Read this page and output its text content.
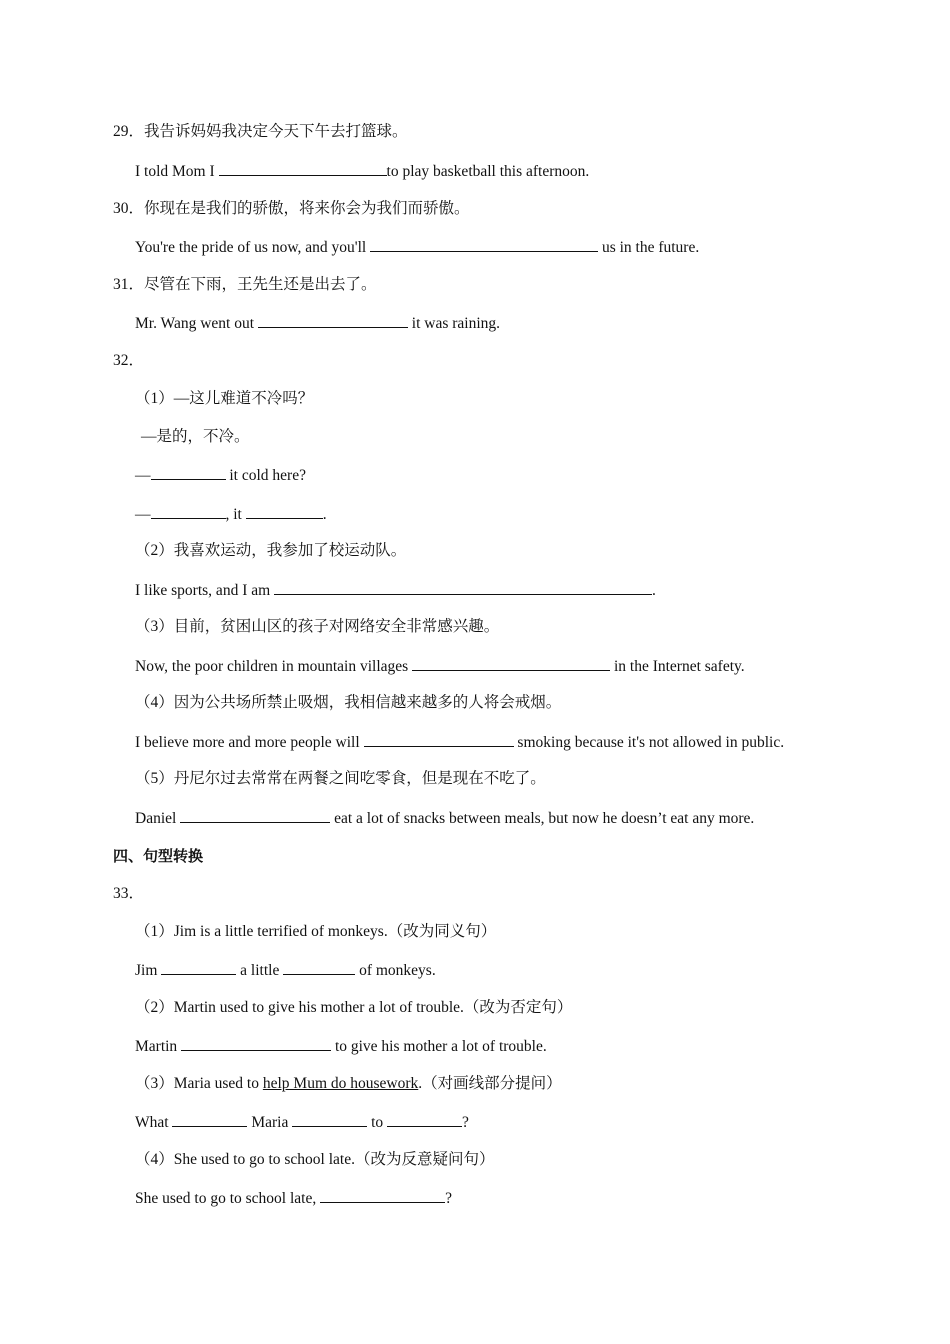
29．我告诉妈妈我决定今天下午去打篮球。
I told Mom I	to play basketball this afternoon.
30．你现在是我们的骄傲，将来你会为我们而骄傲。
You're the pride of us now, and you'll	us in the future.
31．尽管在下雨，王先生还是出去了。
Mr. Wang went out	it was raining.
32．
（1）—这儿难道不冷吗？
—是的，不冷。
—	it cold here?
—	, it	.
（2）我喜欢运动，我参加了校运动队。
I like sports, and I am	.
（3）目前，贫困山区的孩子对网络安全非常感兴趣。
Now, the poor children in mountain villages	in the Internet safety.
（4）因为公共场所禁止吸烟，我相信越来越多的人将会戒烟。
I believe more and more people will	smoking because it's not allowed in public.
（5）丹尼尔过去常常在两餐之间吃零食，但是现在不吃了。
Daniel	eat a lot of snacks between meals, but now he doesn’t eat any more.
四、句型转换
33．
（1）Jim is a little terrified of monkeys.（改为同义句）
Jim	a little	of monkeys.
（2）Martin used to give his mother a lot of trouble.（改为否定句）
Martin	to give his mother a lot of trouble.
（3）Maria used to help Mum do housework.（对画线部分提问）
What	Maria	to	?
（4）She used to go to school late.（改为反意疑问句）
She used to go to school late,	?
